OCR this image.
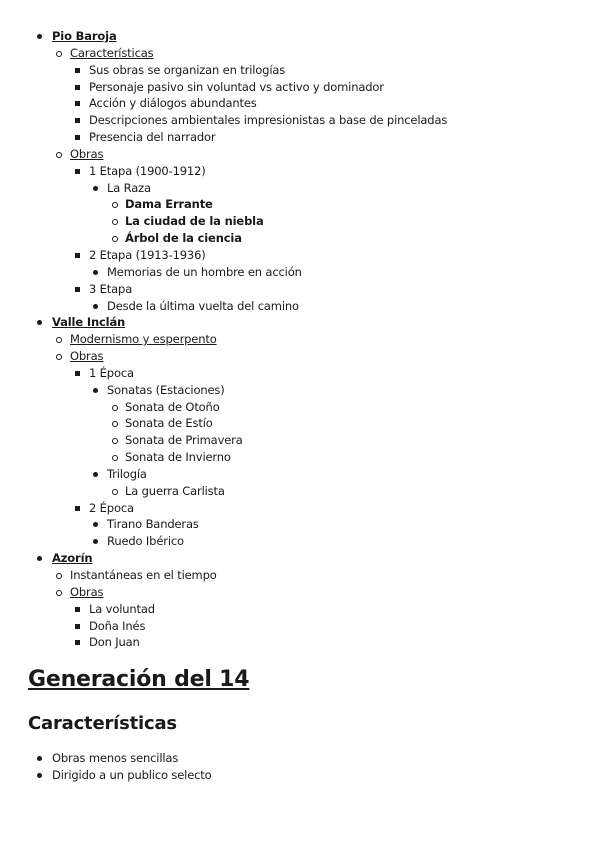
Pio Baroja
Características
Sus obras se organizan en trilogías
Personaje pasivo sin voluntad vs activo y dominador
Acción y diálogos abundantes
Descripciones ambientales impresionistas a base de pinceladas
Presencia del narrador
Obras
1 Etapa (1900-1912)
La Raza
Dama Errante
La ciudad de la niebla
Árbol de la ciencia
2 Etapa (1913-1936)
Memorias de un hombre en acción
3 Etapa
Desde la última vuelta del camino
Valle Inclán
Modernismo y esperpento
Obras
1 Época
Sonatas (Estaciones)
Sonata de Otoño
Sonata de Estío
Sonata de Primavera
Sonata de Invierno
Trilogía
La guerra Carlista
2 Época
Tirano Banderas
Ruedo Ibérico
Azorín
Instantáneas en el tiempo
Obras
La voluntad
Doña Inés
Don Juan
Generación del 14
Características
Obras menos sencillas
Dirigido a un publico selecto
